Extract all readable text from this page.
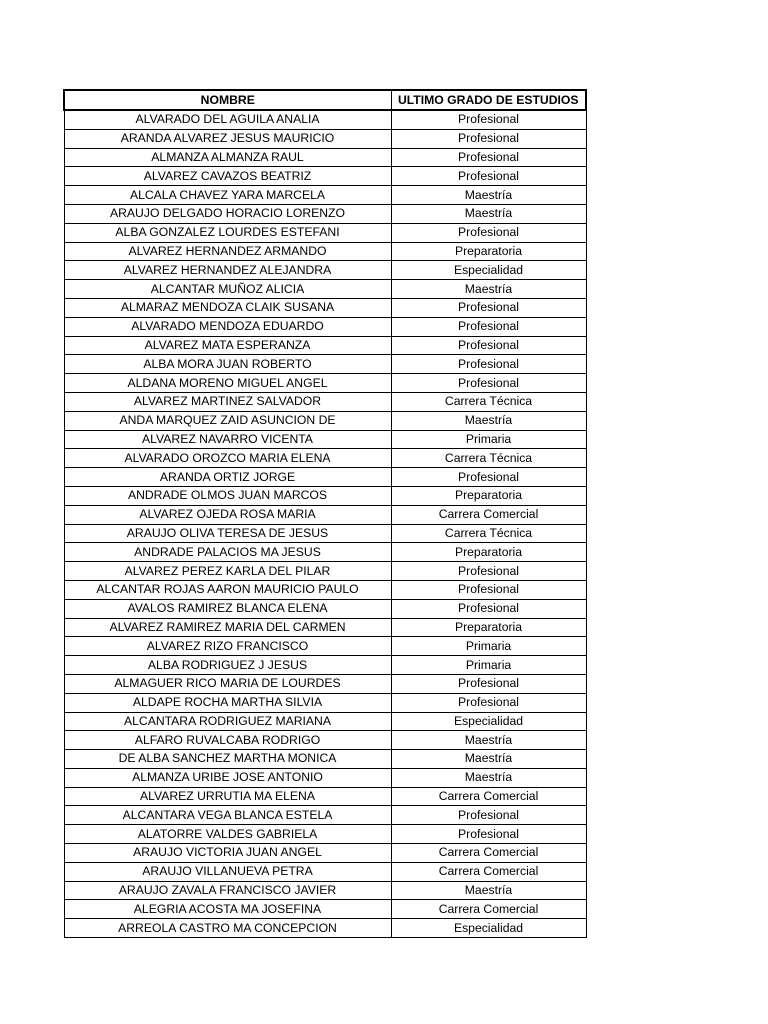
NOMBRE	ULTIMO GRADO DE ESTUDIOS
ALVARADO DEL AGUILA ANALIA	Profesional
ARANDA ALVAREZ JESUS MAURICIO	Profesional
ALMANZA ALMANZA RAUL	Profesional
ALVAREZ CAVAZOS BEATRIZ	Profesional
ALCALA CHAVEZ YARA MARCELA	Maestría
ARAUJO DELGADO HORACIO LORENZO	Maestría
ALBA GONZALEZ LOURDES ESTEFANI	Profesional
ALVAREZ HERNANDEZ ARMANDO	Preparatoria
ALVAREZ HERNANDEZ ALEJANDRA	Especialidad
ALCANTAR MUÑOZ ALICIA	Maestría
ALMARAZ MENDOZA CLAIK SUSANA	Profesional
ALVARADO MENDOZA EDUARDO	Profesional
ALVAREZ MATA ESPERANZA	Profesional
ALBA MORA JUAN ROBERTO	Profesional
ALDANA MORENO MIGUEL ANGEL	Profesional
ALVAREZ MARTINEZ SALVADOR	Carrera Técnica
ANDA MARQUEZ ZAID ASUNCION DE	Maestría
ALVAREZ NAVARRO VICENTA	Primaria
ALVARADO OROZCO MARIA ELENA	Carrera Técnica
ARANDA ORTIZ JORGE	Profesional
ANDRADE OLMOS JUAN MARCOS	Preparatoria
ALVAREZ OJEDA ROSA MARIA	Carrera Comercial
ARAUJO OLIVA TERESA DE JESUS	Carrera Técnica
ANDRADE PALACIOS MA JESUS	Preparatoria
ALVAREZ PEREZ KARLA DEL PILAR	Profesional
ALCANTAR ROJAS AARON MAURICIO PAULO	Profesional
AVALOS RAMIREZ BLANCA ELENA	Profesional
ALVAREZ RAMIREZ MARIA DEL CARMEN	Preparatoria
ALVAREZ RIZO FRANCISCO	Primaria
ALBA RODRIGUEZ J JESUS	Primaria
ALMAGUER RICO MARIA DE LOURDES	Profesional
ALDAPE ROCHA MARTHA SILVIA	Profesional
ALCANTARA RODRIGUEZ MARIANA	Especialidad
ALFARO RUVALCABA RODRIGO	Maestría
DE ALBA SANCHEZ MARTHA MONICA	Maestría
ALMANZA URIBE JOSE ANTONIO	Maestría
ALVAREZ URRUTIA MA ELENA	Carrera Comercial
ALCANTARA VEGA BLANCA ESTELA	Profesional
ALATORRE VALDES GABRIELA	Profesional
ARAUJO VICTORIA JUAN ANGEL	Carrera Comercial
ARAUJO VILLANUEVA PETRA	Carrera Comercial
ARAUJO ZAVALA FRANCISCO JAVIER	Maestría
ALEGRIA ACOSTA MA JOSEFINA	Carrera Comercial
ARREOLA CASTRO MA CONCEPCION	Especialidad
